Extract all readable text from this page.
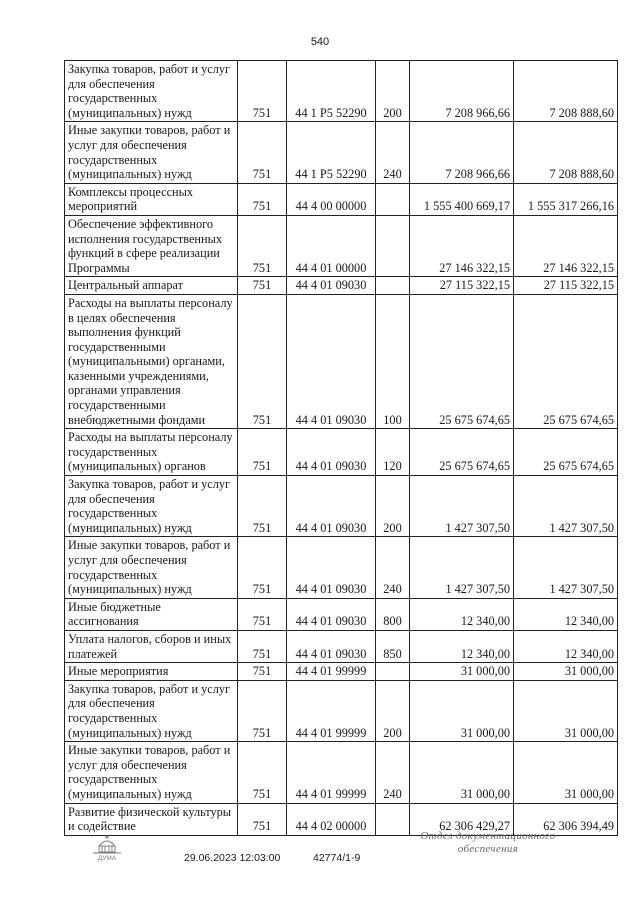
540
Закупка товаров, работ и услуг для обеспечения государственных (муниципальных) нужд	751	44 1 Р5 52290	200	7 208 966,66	7 208 888,60
Иные закупки товаров, работ и услуг для обеспечения государственных (муниципальных) нужд	751	44 1 Р5 52290	240	7 208 966,66	7 208 888,60
Комплексы процессных мероприятий	751	44 4 00 00000		1 555 400 669,17	1 555 317 266,16
Обеспечение эффективного исполнения государственных функций в сфере реализации Программы	751	44 4 01 00000		27 146 322,15	27 146 322,15
Центральный аппарат	751	44 4 01 09030		27 115 322,15	27 115 322,15
Расходы на выплаты персоналу в целях обеспечения выполнения функций государственными (муниципальными) органами, казенными учреждениями, органами управления государственными внебюджетными фондами	751	44 4 01 09030	100	25 675 674,65	25 675 674,65
Расходы на выплаты персоналу государственных (муниципальных) органов	751	44 4 01 09030	120	25 675 674,65	25 675 674,65
Закупка товаров, работ и услуг для обеспечения государственных (муниципальных) нужд	751	44 4 01 09030	200	1 427 307,50	1 427 307,50
Иные закупки товаров, работ и услуг для обеспечения государственных (муниципальных) нужд	751	44 4 01 09030	240	1 427 307,50	1 427 307,50
Иные бюджетные ассигнования	751	44 4 01 09030	800	12 340,00	12 340,00
Уплата налогов, сборов и иных платежей	751	44 4 01 09030	850	12 340,00	12 340,00
Иные мероприятия	751	44 4 01 99999		31 000,00	31 000,00
Закупка товаров, работ и услуг для обеспечения государственных (муниципальных) нужд	751	44 4 01 99999	200	31 000,00	31 000,00
Иные закупки товаров, работ и услуг для обеспечения государственных (муниципальных) нужд	751	44 4 01 99999	240	31 000,00	31 000,00
Развитие физической культуры и содействие	751	44 4 02 00000		62 306 429,27	62 306 394,49
ДУМА	29.06.2023 12:03:00	42774/1-9
Отдел документационного
обеспечения
